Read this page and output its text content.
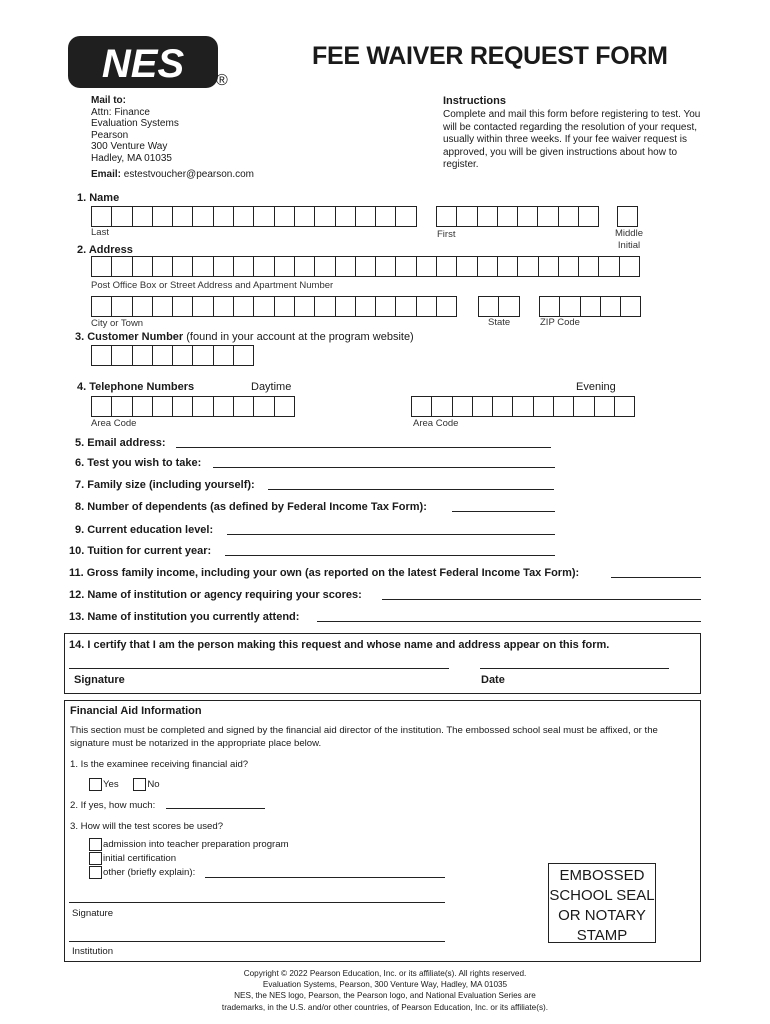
NES ®
FEE WAIVER REQUEST FORM
Mail to:
Attn: Finance
Evaluation Systems
Pearson
300 Venture Way
Hadley, MA 01035
Email: estestvoucher@pearson.com
Instructions
Complete and mail this form before registering to test. You will be contacted regarding the resolution of your request, usually within three weeks. If your fee waiver request is approved, you will be given instructions about how to register.
1. Name
Last	First	Middle Initial
2. Address
Post Office Box or Street Address and Apartment Number
City or Town	State	ZIP Code
3. Customer Number (found in your account at the program website)
4. Telephone Numbers	Daytime	Evening
Area Code	Area Code
5. Email address:
6. Test you wish to take:
7. Family size (including yourself):
8. Number of dependents (as defined by Federal Income Tax Form):
9. Current education level:
10. Tuition for current year:
11. Gross family income, including your own (as reported on the latest Federal Income Tax Form):
12. Name of institution or agency requiring your scores:
13. Name of institution you currently attend:
14. I certify that I am the person making this request and whose name and address appear on this form.
Signature	Date
Financial Aid Information
This section must be completed and signed by the financial aid director of the institution. The embossed school seal must be affixed, or the signature must be notarized in the appropriate place below.
1. Is the examinee receiving financial aid?
Yes	No
2. If yes, how much:
3. How will the test scores be used?
admission into teacher preparation program
initial certification
other (briefly explain):
Signature
Institution
EMBOSSED
SCHOOL SEAL
OR NOTARY
STAMP
Copyright © 2022 Pearson Education, Inc. or its affiliate(s). All rights reserved.
Evaluation Systems, Pearson, 300 Venture Way, Hadley, MA 01035
NES, the NES logo, Pearson, the Pearson logo, and National Evaluation Series are
trademarks, in the U.S. and/or other countries, of Pearson Education, Inc. or its affiliate(s).
